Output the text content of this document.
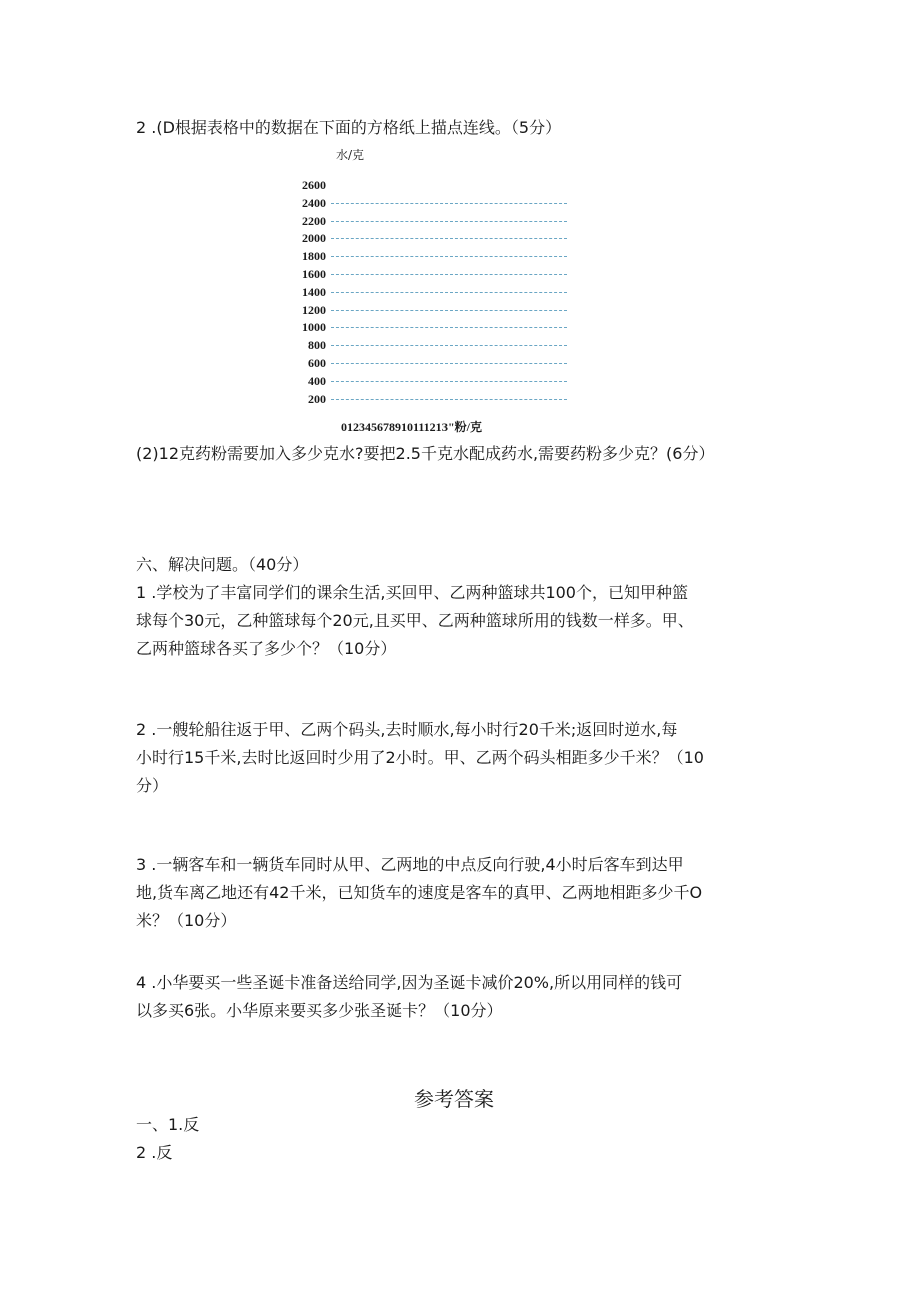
2 .(D根据表格中的数据在下面的方格纸上描点连线。（5分）
水/克
2600
2400
2200
2000
1800
1600
1400
1200
1000
800
600
400
200
01234567891011121З"粉/克
(2)12克药粉需要加入多少克水?要把2.5千克水配成药水,需要药粉多少克？(6分）
六、解决问题。（40分）
1 .学校为了丰富同学们的课余生活,买回甲、乙两种篮球共100个，已知甲种篮
球每个30元，乙种篮球每个20元,且买甲、乙两种篮球所用的钱数一样多。甲、
乙两种篮球各买了多少个？（10分）
2 .一艘轮船往返于甲、乙两个码头,去时顺水,每小时行20千米;返回时逆水,每
小时行15千米,去时比返回时少用了2小时。甲、乙两个码头相距多少千米？（10
分）
3 .一辆客车和一辆货车同时从甲、乙两地的中点反向行驶,4小时后客车到达甲
地,货车离乙地还有42千米，已知货车的速度是客车的真甲、乙两地相距多少千O
米？（10分）
4 .小华要买一些圣诞卡准备送给同学,因为圣诞卡减价20%,所以用同样的钱可
以多买6张。小华原来要买多少张圣诞卡？（10分）
参考答案
一、1.反
2 .反
